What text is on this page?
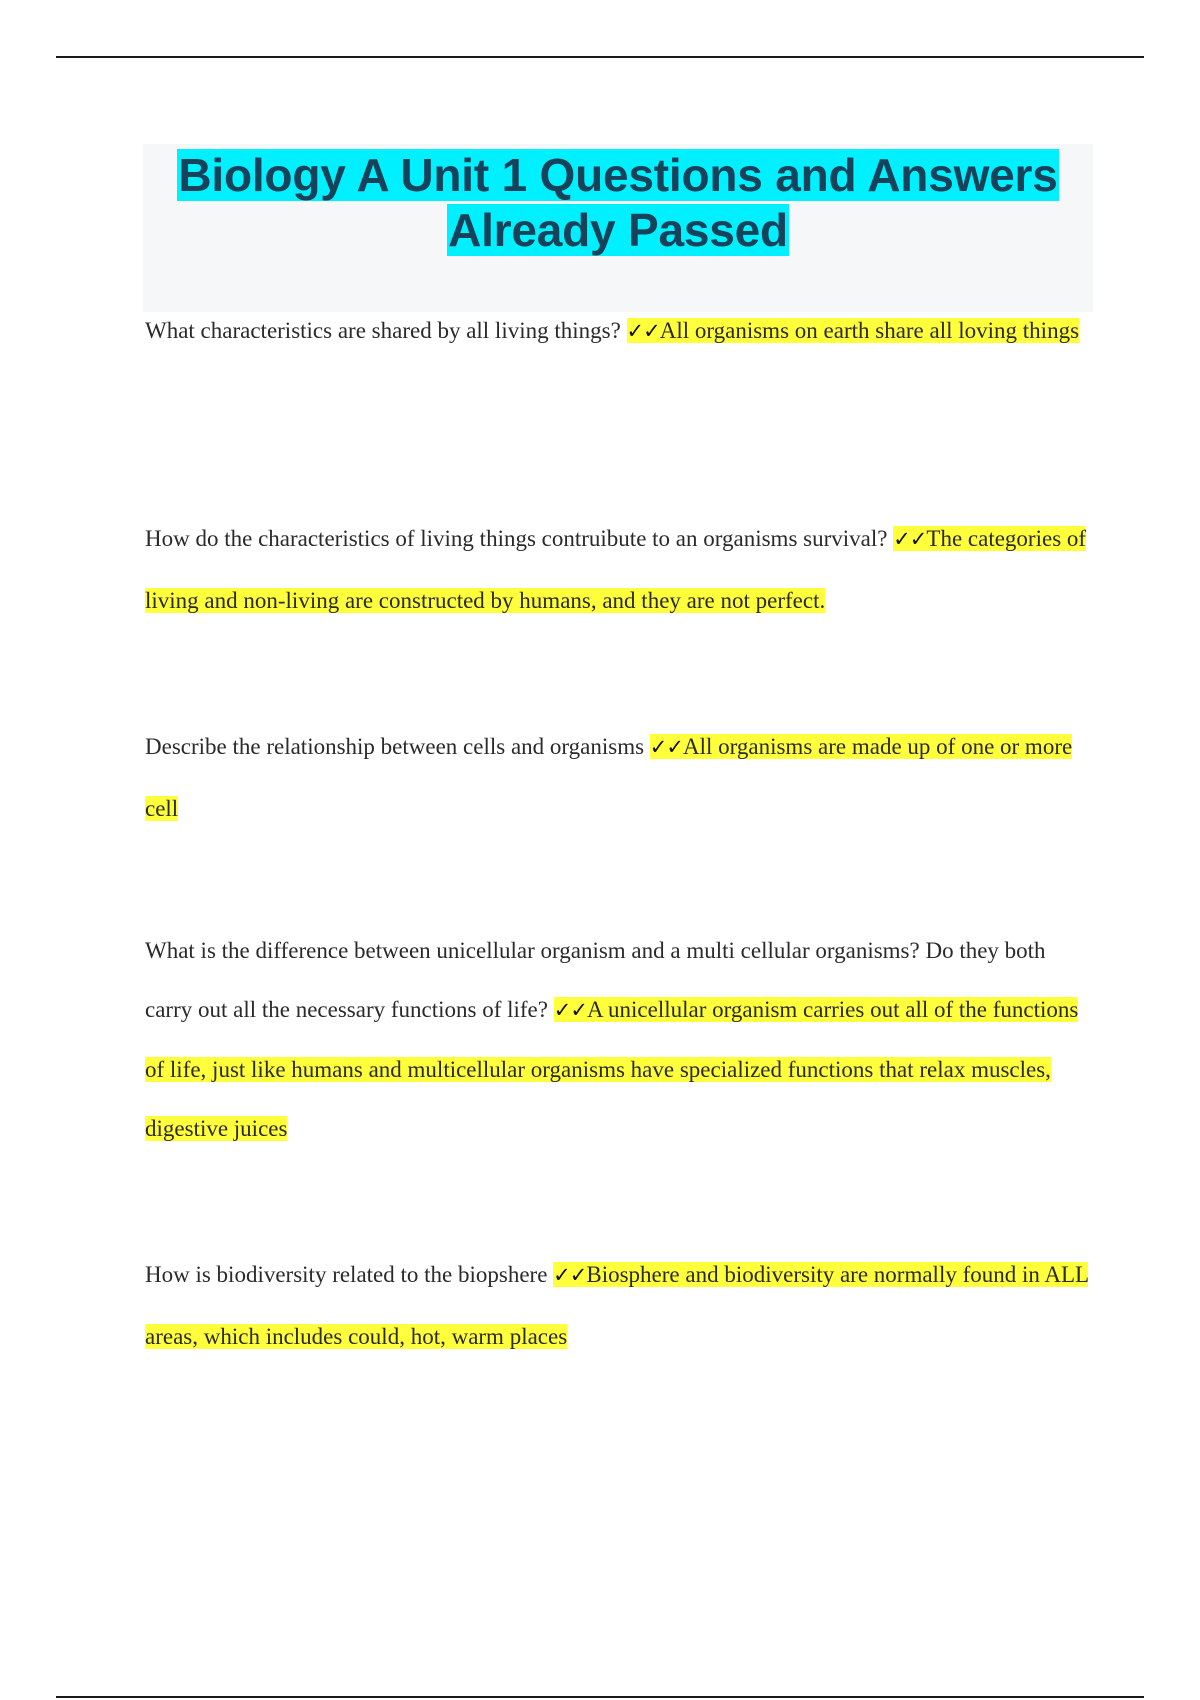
Biology A Unit 1 Questions and Answers Already Passed

What characteristics are shared by all living things? ✓✓All organisms on earth share all loving things

How do the characteristics of living things contruibute to an organisms survival? ✓✓The categories of living and non-living are constructed by humans, and they are not perfect.

Describe the relationship between cells and organisms ✓✓All organisms are made up of one or more cell

What is the difference between unicellular organism and a multi cellular organisms? Do they both carry out all the necessary functions of life? ✓✓A unicellular organism carries out all of the functions of life, just like humans and multicellular organisms have specialized functions that relax muscles, digestive juices

How is biodiversity related to the biopshere ✓✓Biosphere and biodiversity are normally found in ALL areas, which includes could, hot, warm places
